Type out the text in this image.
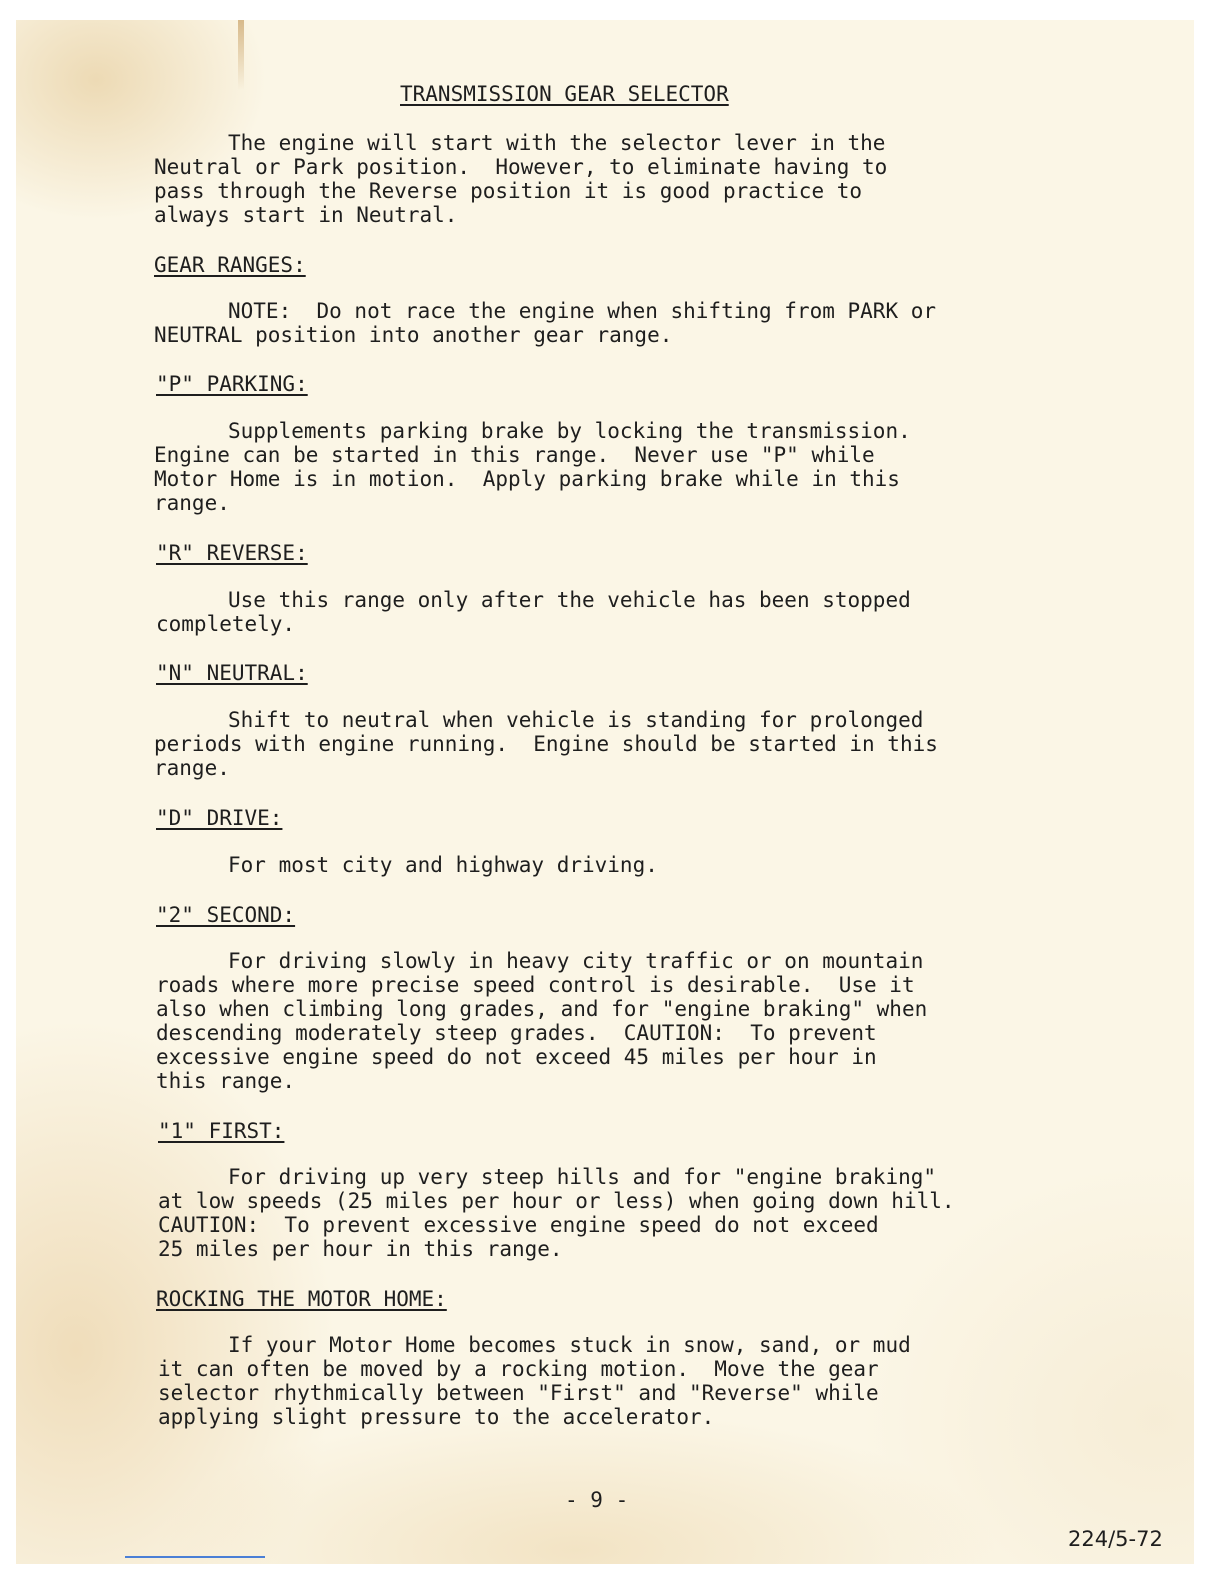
TRANSMISSION GEAR SELECTOR
The engine will start with the selector lever in the
Neutral or Park position.  However, to eliminate having to
pass through the Reverse position it is good practice to
always start in Neutral.
GEAR RANGES:
NOTE:  Do not race the engine when shifting from PARK or
NEUTRAL position into another gear range.
"P" PARKING:
Supplements parking brake by locking the transmission.
Engine can be started in this range.  Never use "P" while
Motor Home is in motion.  Apply parking brake while in this
range.
"R" REVERSE:
Use this range only after the vehicle has been stopped
completely.
"N" NEUTRAL:
Shift to neutral when vehicle is standing for prolonged
periods with engine running.  Engine should be started in this
range.
"D" DRIVE:
For most city and highway driving.
"2" SECOND:
For driving slowly in heavy city traffic or on mountain
roads where more precise speed control is desirable.  Use it
also when climbing long grades, and for "engine braking" when
descending moderately steep grades.  CAUTION:  To prevent
excessive engine speed do not exceed 45 miles per hour in
this range.
"1" FIRST:
For driving up very steep hills and for "engine braking"
at low speeds (25 miles per hour or less) when going down hill.
CAUTION:  To prevent excessive engine speed do not exceed
25 miles per hour in this range.
ROCKING THE MOTOR HOME:
If your Motor Home becomes stuck in snow, sand, or mud
it can often be moved by a rocking motion.  Move the gear
selector rhythmically between "First" and "Reverse" while
applying slight pressure to the accelerator.
- 9 -
224/5-72
